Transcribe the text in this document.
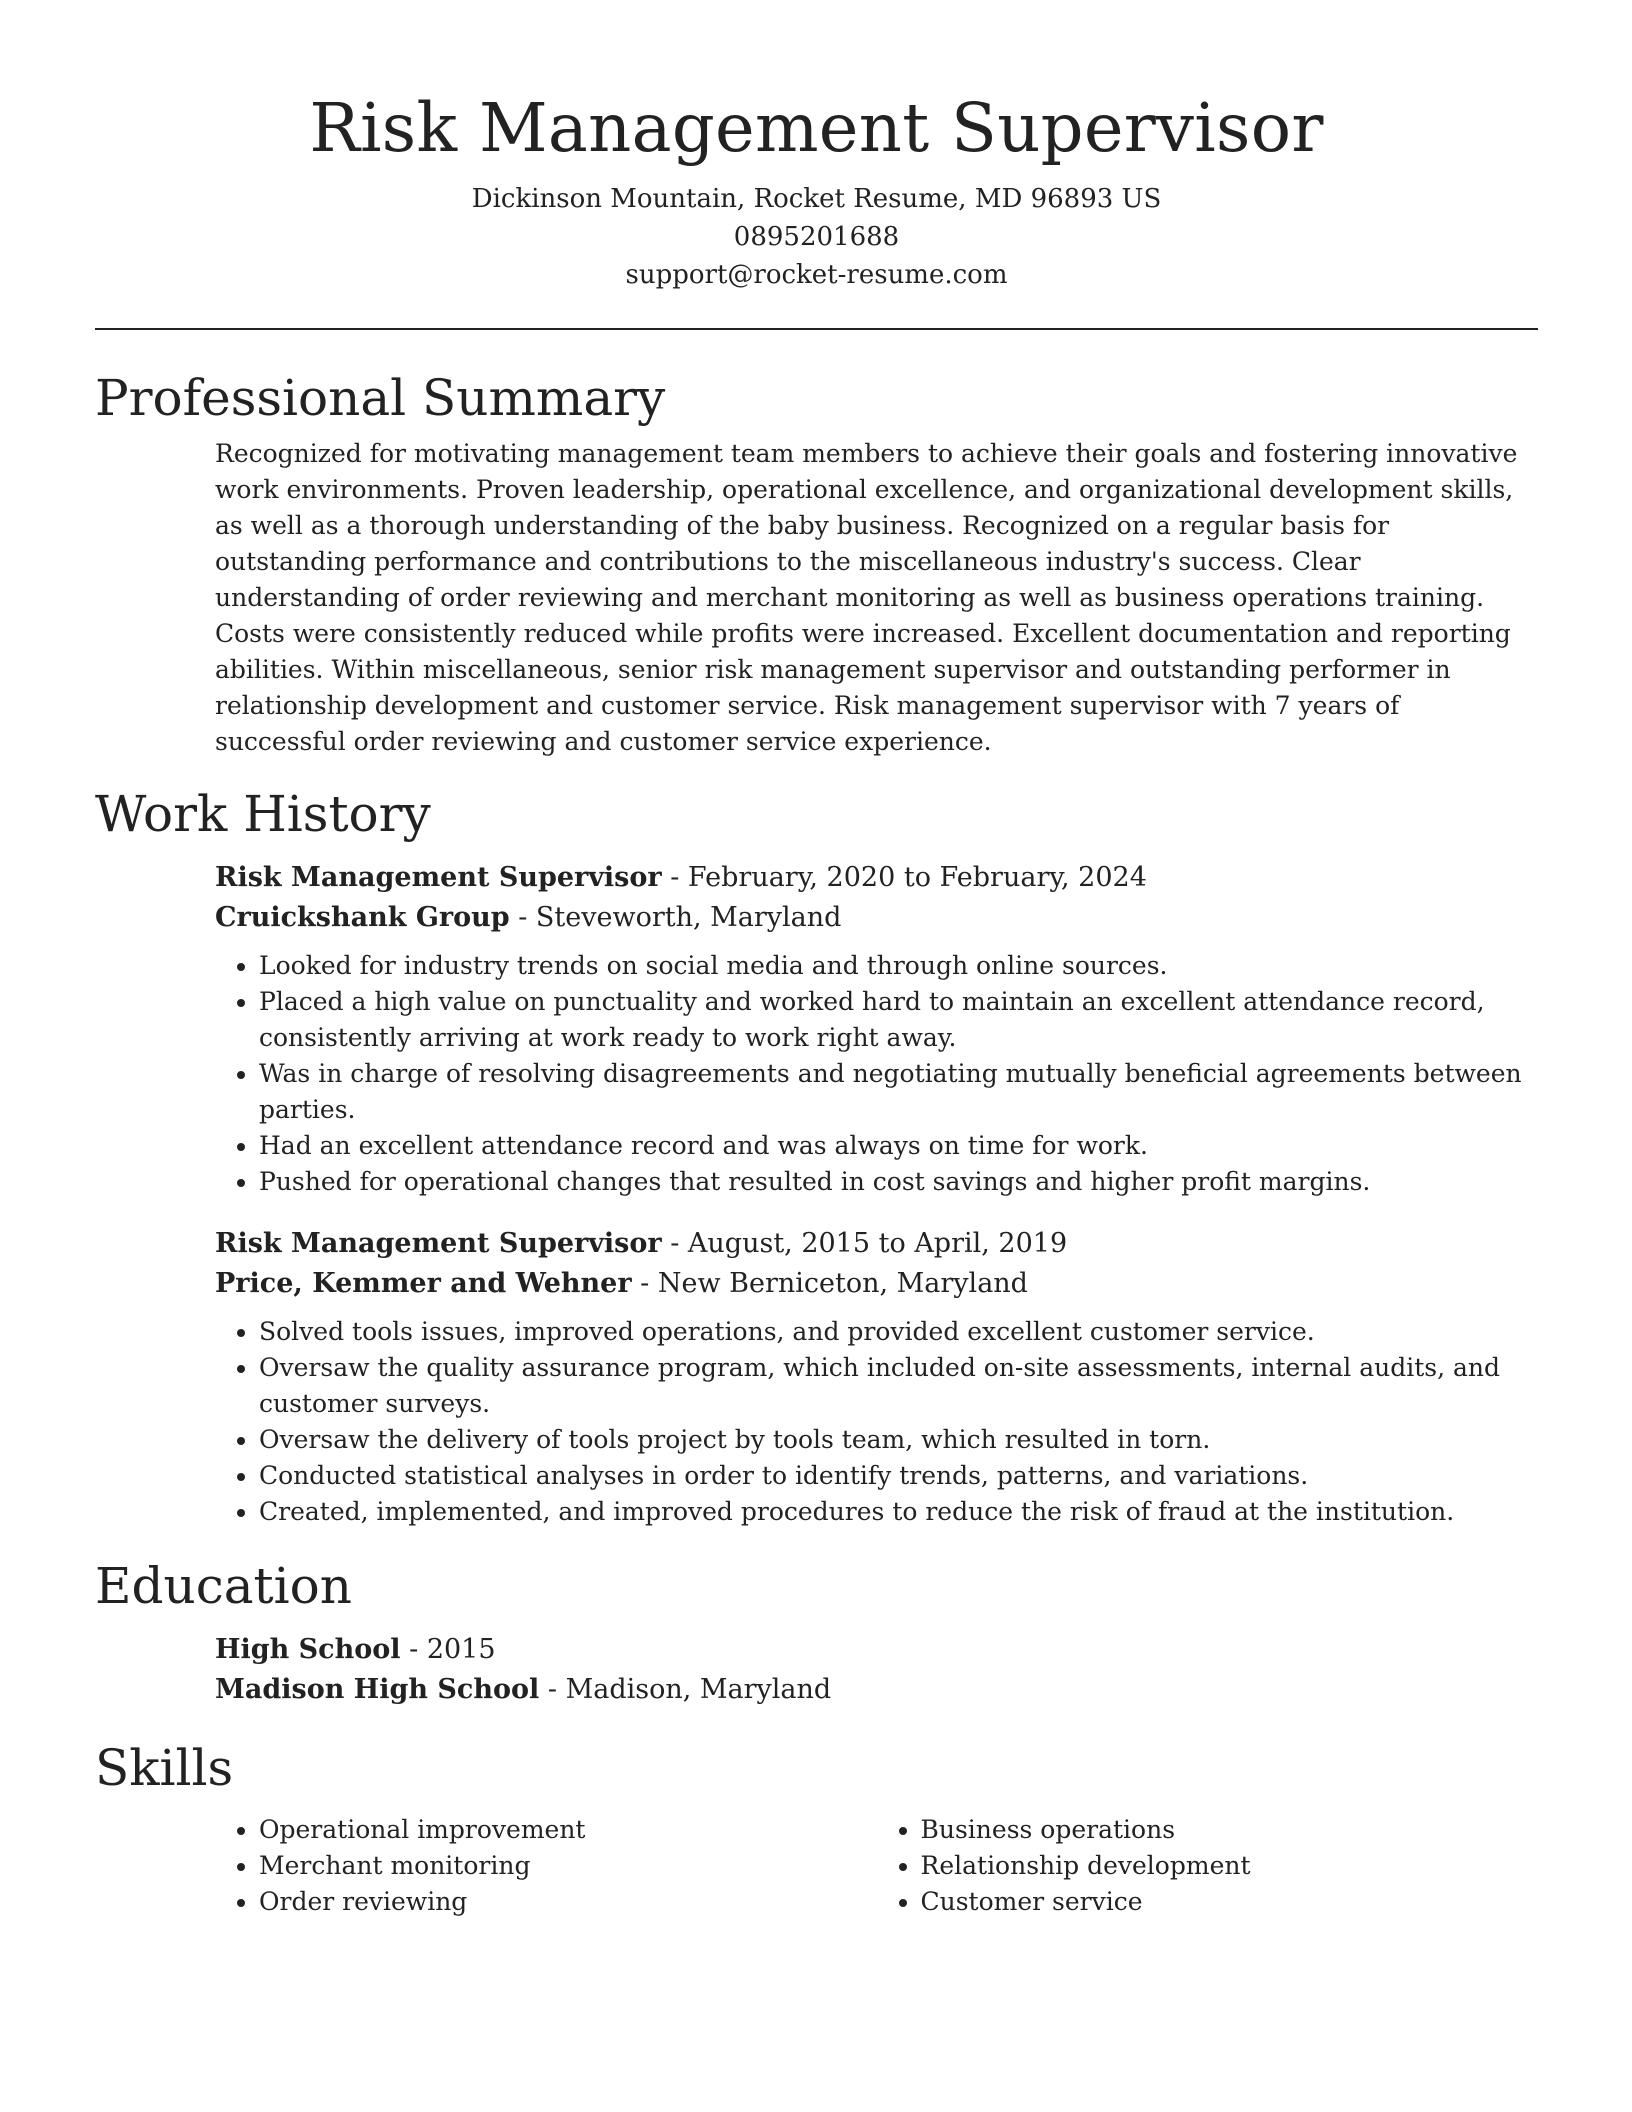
Risk Management Supervisor
Dickinson Mountain, Rocket Resume, MD 96893 US
0895201688
support@rocket-resume.com
Professional Summary
Recognized for motivating management team members to achieve their goals and fostering innovative work environments. Proven leadership, operational excellence, and organizational development skills, as well as a thorough understanding of the baby business. Recognized on a regular basis for outstanding performance and contributions to the miscellaneous industry's success. Clear understanding of order reviewing and merchant monitoring as well as business operations training. Costs were consistently reduced while profits were increased. Excellent documentation and reporting abilities. Within miscellaneous, senior risk management supervisor and outstanding performer in relationship development and customer service. Risk management supervisor with 7 years of successful order reviewing and customer service experience.
Work History
Risk Management Supervisor - February, 2020 to February, 2024
Cruickshank Group - Steveworth, Maryland
• Looked for industry trends on social media and through online sources.
• Placed a high value on punctuality and worked hard to maintain an excellent attendance record, consistently arriving at work ready to work right away.
• Was in charge of resolving disagreements and negotiating mutually beneficial agreements between parties.
• Had an excellent attendance record and was always on time for work.
• Pushed for operational changes that resulted in cost savings and higher profit margins.
Risk Management Supervisor - August, 2015 to April, 2019
Price, Kemmer and Wehner - New Berniceton, Maryland
• Solved tools issues, improved operations, and provided excellent customer service.
• Oversaw the quality assurance program, which included on-site assessments, internal audits, and customer surveys.
• Oversaw the delivery of tools project by tools team, which resulted in torn.
• Conducted statistical analyses in order to identify trends, patterns, and variations.
• Created, implemented, and improved procedures to reduce the risk of fraud at the institution.
Education
High School - 2015
Madison High School - Madison, Maryland
Skills
• Operational improvement
• Merchant monitoring
• Order reviewing
• Business operations
• Relationship development
• Customer service
